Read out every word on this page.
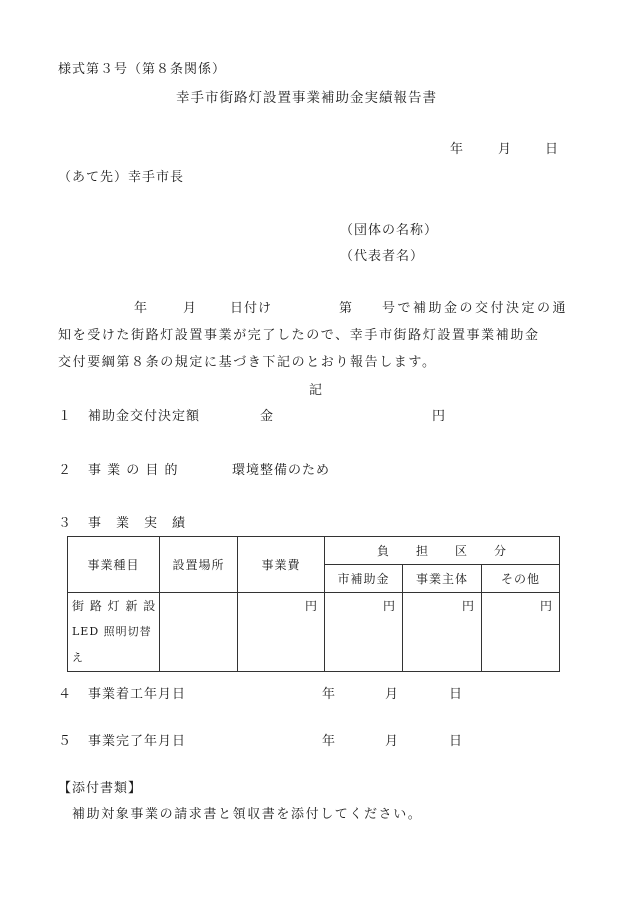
様式第３号（第８条関係）
幸手市街路灯設置事業補助金実績報告書
年	月	日
（あて先）幸手市長
（団体の名称）
（代表者名）
年	月	日付け	第 号で補助金の交付決定の通
知を受けた街路灯設置事業が完了したので、幸手市街路灯設置事業補助金
交付要綱第８条の規定に基づき下記のとおり報告します。
記
１ 補助金交付決定額	金	円
２ 事 業 の 目 的	環境整備のため
３ 事　業　実　績
事業種目	設置場所	事業費	負　　担　　区　　分		
			市補助金	事業主体	その他

街 路 灯 新 設
LED 照明切替え		円	円	円	円
４ 事業着工年月日	年	月	日
５ 事業完了年月日	年	月	日
【添付書類】
補助対象事業の請求書と領収書を添付してください。
